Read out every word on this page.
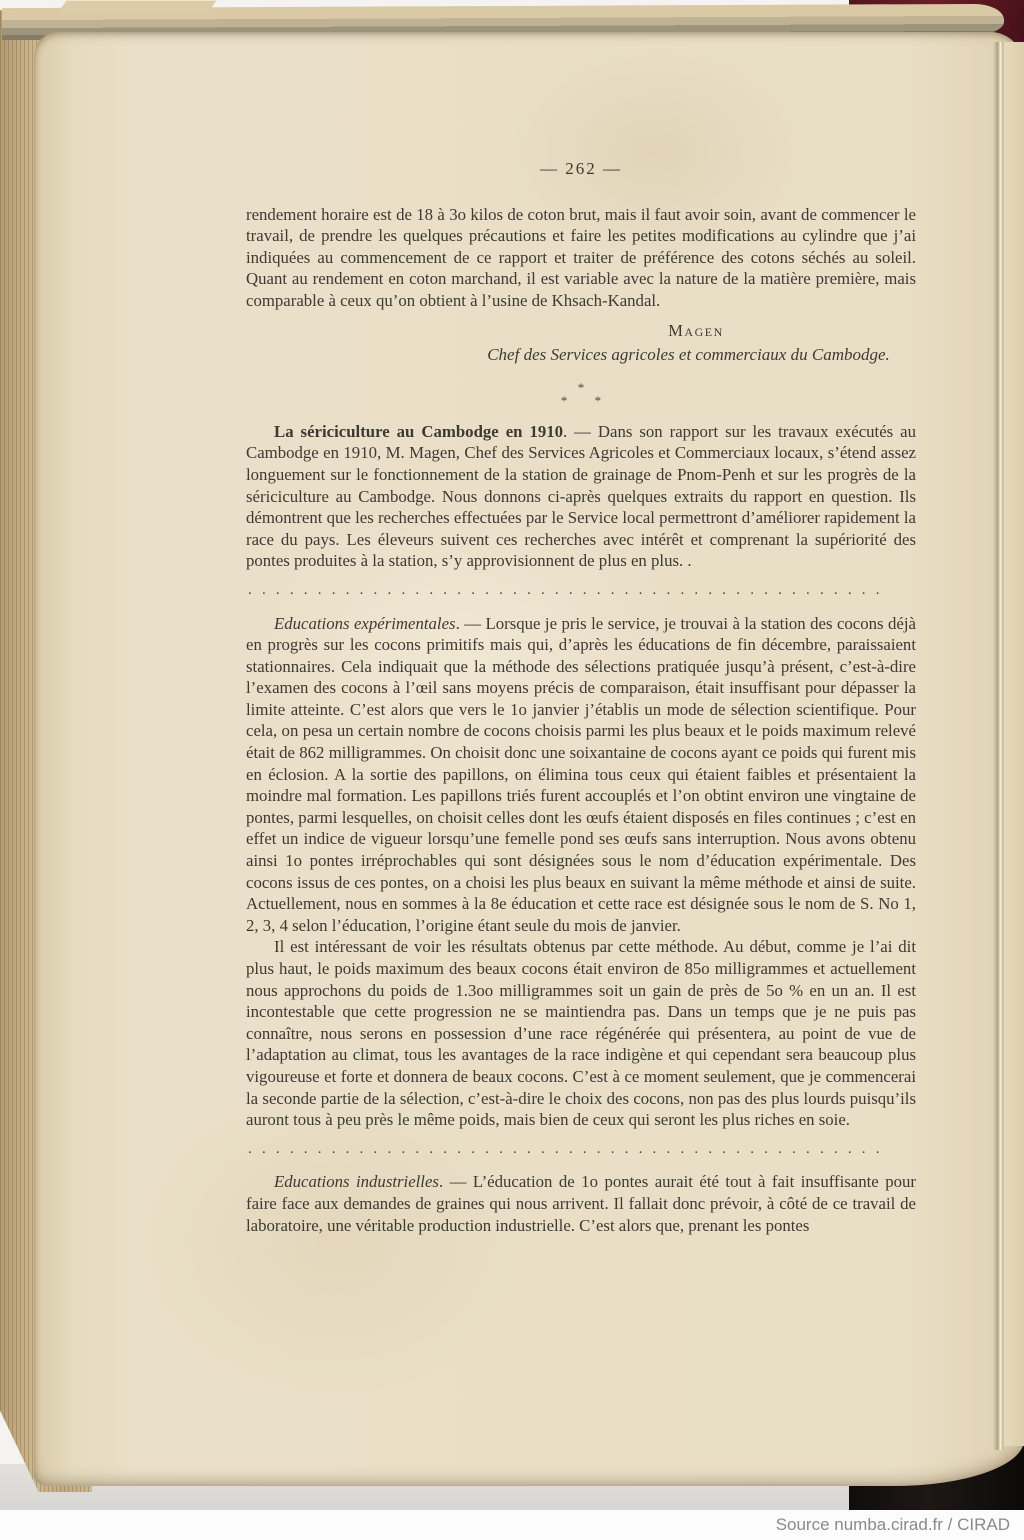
— 262 —

rendement horaire est de 18 à 3o kilos de coton brut, mais il faut avoir soin, avant de commencer le travail, de prendre les quelques précautions et faire les petites modifications au cylindre que j’ai indiquées au commencement de ce rapport et traiter de préférence des cotons séchés au soleil. Quant au rendement en coton marchand, il est variable avec la nature de la matière première, mais comparable à ceux qu’on obtient à l’usine de Khsach-Kandal.

Magen
Chef des Services agricoles et commerciaux du Cambodge.
*
* *

La sériciculture au Cambodge en 1910. — Dans son rapport sur les travaux exécutés au Cambodge en 1910, M. Magen, Chef des Services Agricoles et Commerciaux locaux, s’étend assez longuement sur le fonctionnement de la station de grainage de Pnom-Penh et sur les progrès de la sériciculture au Cambodge. Nous donnons ci-après quelques extraits du rapport en question. Ils démontrent que les recherches effectuées par le Service local permettront d’améliorer rapidement la race du pays. Les éleveurs suivent ces recherches avec intérêt et comprenant la supériorité des pontes produites à la station, s’y approvisionnent de plus en plus. .

..............................................

Educations expérimentales. — Lorsque je pris le service, je trouvai à la station des cocons déjà en progrès sur les cocons primitifs mais qui, d’après les éducations de fin décembre, paraissaient stationnaires. Cela indiquait que la méthode des sélections pratiquée jusqu’à présent, c’est-à-dire l’examen des cocons à l’œil sans moyens précis de comparaison, était insuffisant pour dépasser la limite atteinte. C’est alors que vers le 1o janvier j’établis un mode de sélection scientifique. Pour cela, on pesa un certain nombre de cocons choisis parmi les plus beaux et le poids maximum relevé était de 862 milligrammes. On choisit donc une soixantaine de cocons ayant ce poids qui furent mis en éclosion. A la sortie des papillons, on élimina tous ceux qui étaient faibles et présentaient la moindre mal formation. Les papillons triés furent accouplés et l’on obtint environ une vingtaine de pontes, parmi lesquelles, on choisit celles dont les œufs étaient disposés en files continues ; c’est en effet un indice de vigueur lorsqu’une femelle pond ses œufs sans interruption. Nous avons obtenu ainsi 1o pontes irréprochables qui sont désignées sous le nom d’éducation expérimentale. Des cocons issus de ces pontes, on a choisi les plus beaux en suivant la même méthode et ainsi de suite. Actuellement, nous en sommes à la 8e éducation et cette race est désignée sous le nom de S. No 1, 2, 3, 4 selon l’éducation, l’origine étant seule du mois de janvier.

Il est intéressant de voir les résultats obtenus par cette méthode. Au début, comme je l’ai dit plus haut, le poids maximum des beaux cocons était environ de 85o milligrammes et actuellement nous approchons du poids de 1.3oo milligrammes soit un gain de près de 5o % en un an. Il est incontestable que cette progression ne se maintiendra pas. Dans un temps que je ne puis pas connaître, nous serons en possession d’une race régénérée qui présentera, au point de vue de l’adaptation au climat, tous les avantages de la race indigène et qui cependant sera beaucoup plus vigoureuse et forte et donnera de beaux cocons. C’est à ce moment seulement, que je commencerai la seconde partie de la sélection, c’est-à-dire le choix des cocons, non pas des plus lourds puisqu’ils auront tous à peu près le même poids, mais bien de ceux qui seront les plus riches en soie.

..............................................

Educations industrielles. — L’éducation de 1o pontes aurait été tout à fait insuffisante pour faire face aux demandes de graines qui nous arrivent. Il fallait donc prévoir, à côté de ce travail de laboratoire, une véritable production industrielle. C’est alors que, prenant les pontes

Source numba.cirad.fr / CIRAD
